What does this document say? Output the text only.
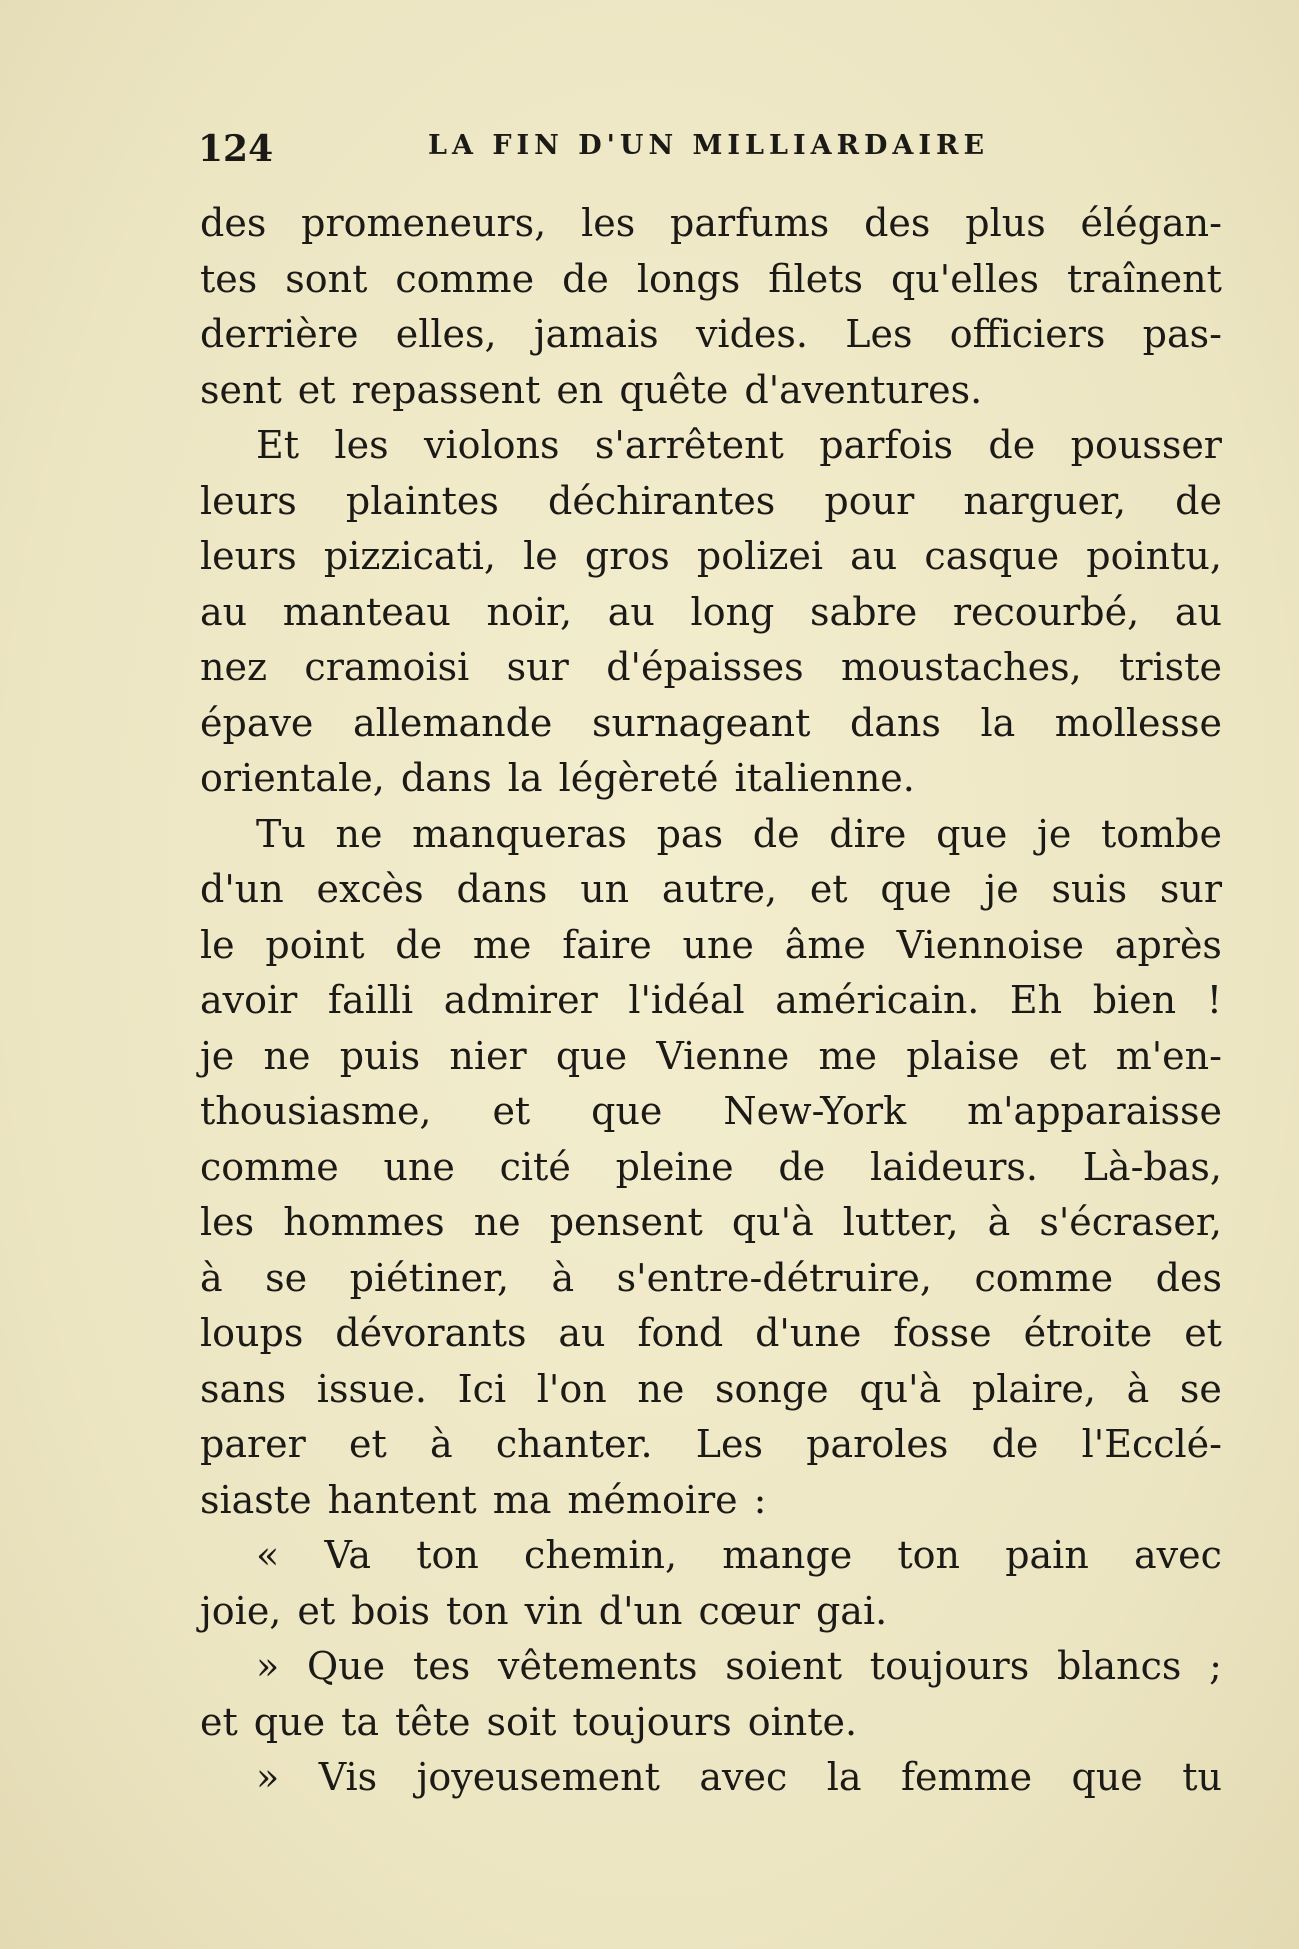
124	LA FIN D'UN MILLIARDAIRE
des promeneurs, les parfums des plus élégan-
tes sont comme de longs filets qu'elles traînent
derrière elles, jamais vides. Les officiers pas-
sent et repassent en quête d'aventures.
Et les violons s'arrêtent parfois de pousser
leurs plaintes déchirantes pour narguer, de
leurs pizzicati, le gros polizei au casque pointu,
au manteau noir, au long sabre recourbé, au
nez cramoisi sur d'épaisses moustaches, triste
épave allemande surnageant dans la mollesse
orientale, dans la légèreté italienne.
Tu ne manqueras pas de dire que je tombe
d'un excès dans un autre, et que je suis sur
le point de me faire une âme Viennoise après
avoir failli admirer l'idéal américain. Eh bien !
je ne puis nier que Vienne me plaise et m'en-
thousiasme, et que New-York m'apparaisse
comme une cité pleine de laideurs. Là-bas,
les hommes ne pensent qu'à lutter, à s'écraser,
à se piétiner, à s'entre-détruire, comme des
loups dévorants au fond d'une fosse étroite et
sans issue. Ici l'on ne songe qu'à plaire, à se
parer et à chanter. Les paroles de l'Ecclé-
siaste hantent ma mémoire :
« Va ton chemin, mange ton pain avec
joie, et bois ton vin d'un cœur gai.
» Que tes vêtements soient toujours blancs ;
et que ta tête soit toujours ointe.
» Vis joyeusement avec la femme que tu
